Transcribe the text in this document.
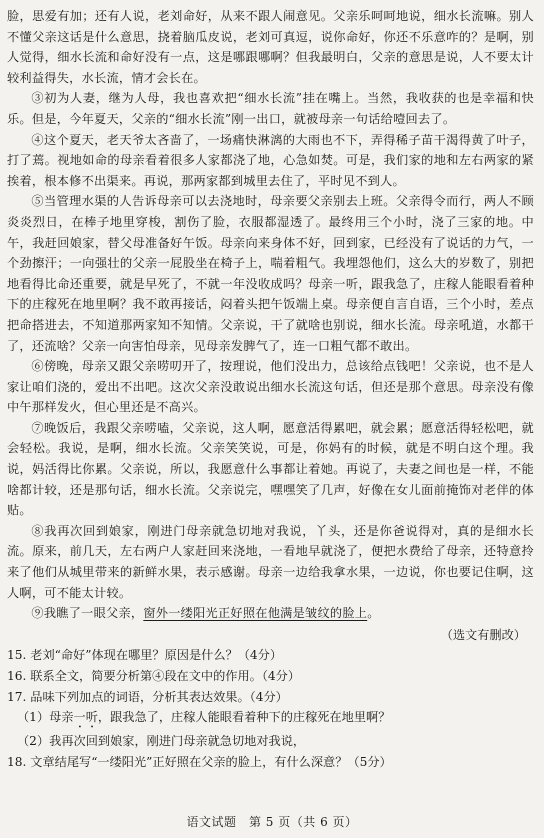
脸，思爱有加；还有人说，老刘命好，从来不跟人闹意见。父亲乐呵呵地说，细水长流嘛。别人不懂父亲这话是什么意思，挠着脑瓜皮说，老刘可真逗，说你命好，你还不乐意咋的？是啊，别人觉得，细水长流和命好没有一点，这是哪跟哪啊？但我最明白，父亲的意思是说，人不要太计较利益得失，水长流，情才会长在。

③初为人妻，继为人母，我也喜欢把“细水长流”挂在嘴上。当然，我收获的也是幸福和快乐。但是，今年夏天，父亲的“细水长流”刚一出口，就被母亲一句话给噎回去了。

④这个夏天，老天爷太吝啬了，一场痛快淋漓的大雨也不下，弄得稀子苗干渴得黄了叶子，打了蔫。视地如命的母亲看着很多人家都浇了地，心急如焚。可是，我们家的地和左右两家的紧挨着，根本修不出渠来。再说，那两家都到城里去住了，平时见不到人。

⑤当管理水渠的人告诉母亲可以去浇地时，母亲要父亲别去上班。父亲得令而行，两人不顾炎炎烈日，在棒子地里穿梭，割伤了脸，衣服都湿透了。最终用三个小时，浇了三家的地。中午，我赶回娘家，替父母准备好午饭。母亲向来身体不好，回到家，已经没有了说话的力气，一个劲擦汗；一向强壮的父亲一屁股坐在椅子上，喘着粗气。我埋怨他们，这么大的岁数了，别把地看得比命还重要，就是早死了，不就一年没收成吗？母亲一听，跟我急了，庄稼人能眼看着种下的庄稼死在地里啊？我不敢再接话，闷着头把午饭端上桌。母亲便自言自语，三个小时，差点把命搭进去，不知道那两家知不知情。父亲说，干了就啥也别说，细水长流。母亲吼道，水都干了，还流啥？父亲一向害怕母亲，见母亲发脾气了，连一口粗气都不敢出。

⑥傍晚，母亲又跟父亲唠叨开了，按理说，他们没出力，总该给点钱吧！父亲说，也不是人家让咱们浇的，爱出不出吧。这次父亲没敢说出细水长流这句话，但还是那个意思。母亲没有像中午那样发火，但心里还是不高兴。

⑦晚饭后，我跟父亲唠嗑，父亲说，这人啊，愿意活得累吧，就会累；愿意活得轻松吧，就会轻松。我说，是啊，细水长流。父亲笑笑说，可是，你妈有的时候，就是不明白这个理。我说，妈活得比你累。父亲说，所以，我愿意什么事都让着她。再说了，夫妻之间也是一样，不能啥都计较，还是那句话，细水长流。父亲说完，嘿嘿笑了几声，好像在女儿面前掩饰对老伴的体贴。

⑧我再次回到娘家，刚进门母亲就急切地对我说，丫头，还是你爸说得对，真的是细水长流。原来，前几天，左右两户人家赶回来浇地，一看地早就浇了，便把水费给了母亲，还特意拎来了他们从城里带来的新鲜水果，表示感谢。母亲一边给我拿水果，一边说，你也要记住啊，这人啊，可不能太计较。

⑨我瞧了一眼父亲，窗外一缕阳光正好照在他满是皱纹的脸上。

（选文有删改）
15. 老刘“命好”体现在哪里？原因是什么？（4分）
16. 联系全文，简要分析第④段在文中的作用。（4分）
17. 品味下列加点的词语，分析其表达效果。（4分）
（1）母亲一听，跟我急了，庄稼人能眼看着种下的庄稼死在地里啊？
（2）我再次回到娘家，刚进门母亲就急切地对我说，
18. 文章结尾写“一缕阳光”正好照在父亲的脸上，有什么深意？（5分）
语文试题　第 5 页（共 6 页）
